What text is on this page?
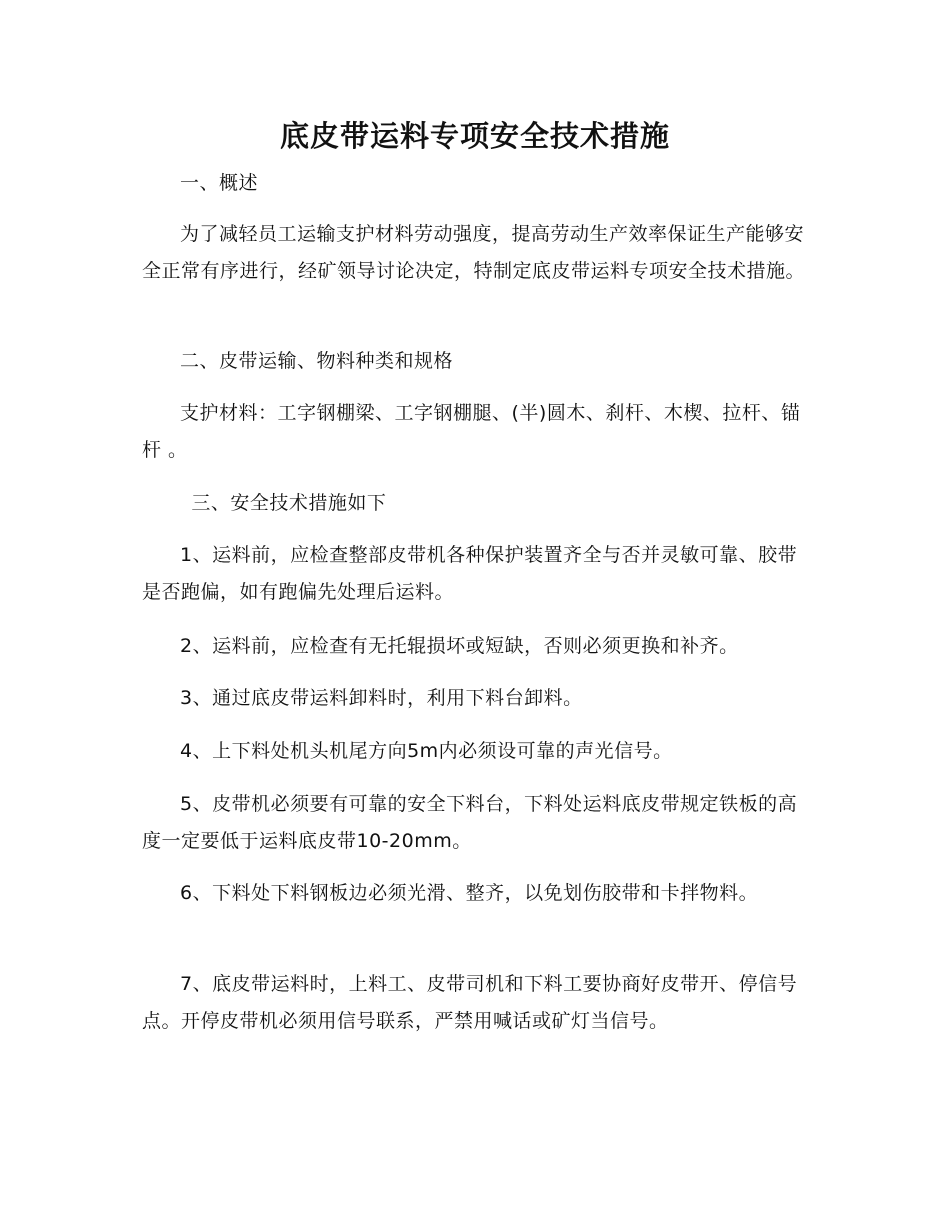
底皮带运料专项安全技术措施

一、概述

为了减轻员工运输支护材料劳动强度，提高劳动生产效率保证生产能够安全正常有序进行，经矿领导讨论决定，特制定底皮带运料专项安全技术措施。

二、皮带运输、物料种类和规格

支护材料：工字钢棚梁、工字钢棚腿、(半)圆木、刹杆、木楔、拉杆、锚杆 。

三、安全技术措施如下

1、运料前，应检查整部皮带机各种保护装置齐全与否并灵敏可靠、胶带是否跑偏，如有跑偏先处理后运料。

2、运料前，应检查有无托辊损坏或短缺，否则必须更换和补齐。

3、通过底皮带运料卸料时，利用下料台卸料。

4、上下料处机头机尾方向5m内必须设可靠的声光信号。

5、皮带机必须要有可靠的安全下料台，下料处运料底皮带规定铁板的高度一定要低于运料底皮带10-20mm。

6、下料处下料钢板边必须光滑、整齐，以免划伤胶带和卡拌物料。

7、底皮带运料时，上料工、皮带司机和下料工要协商好皮带开、停信号点。开停皮带机必须用信号联系，严禁用喊话或矿灯当信号。
